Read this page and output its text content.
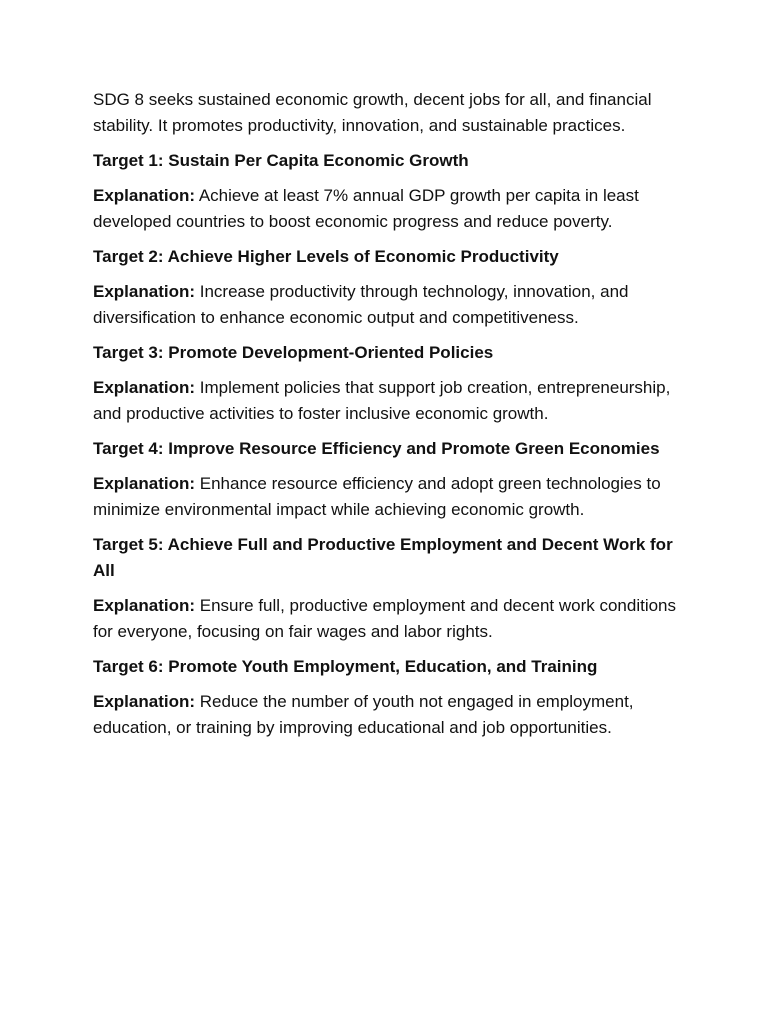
SDG 8 seeks sustained economic growth, decent jobs for all, and financial stability. It promotes productivity, innovation, and sustainable practices.

Target 1: Sustain Per Capita Economic Growth

Explanation: Achieve at least 7% annual GDP growth per capita in least developed countries to boost economic progress and reduce poverty.

Target 2: Achieve Higher Levels of Economic Productivity

Explanation: Increase productivity through technology, innovation, and diversification to enhance economic output and competitiveness.

Target 3: Promote Development-Oriented Policies

Explanation: Implement policies that support job creation, entrepreneurship, and productive activities to foster inclusive economic growth.

Target 4: Improve Resource Efficiency and Promote Green Economies

Explanation: Enhance resource efficiency and adopt green technologies to minimize environmental impact while achieving economic growth.

Target 5: Achieve Full and Productive Employment and Decent Work for All

Explanation: Ensure full, productive employment and decent work conditions for everyone, focusing on fair wages and labor rights.

Target 6: Promote Youth Employment, Education, and Training

Explanation: Reduce the number of youth not engaged in employment, education, or training by improving educational and job opportunities.
